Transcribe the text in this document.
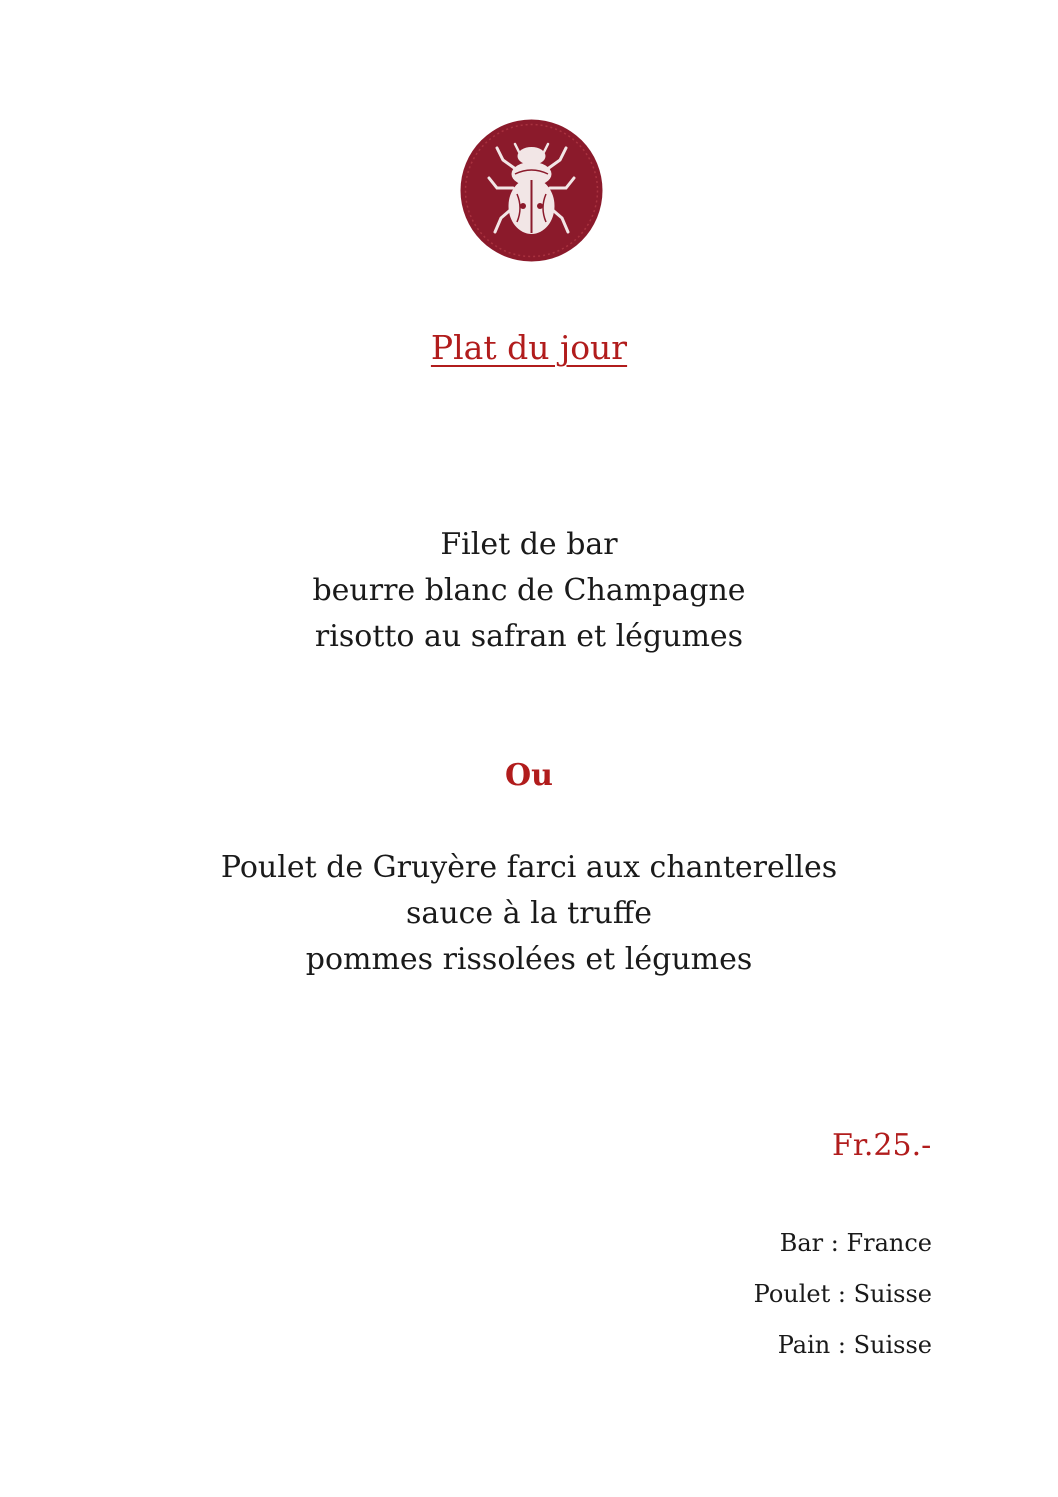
Plat du jour
Filet de bar
beurre blanc de Champagne
risotto au safran et légumes
Ou
Poulet de Gruyère farci aux chanterelles
sauce à la truffe
pommes rissolées et légumes
Fr.25.-
Bar : France
Poulet : Suisse
Pain : Suisse
